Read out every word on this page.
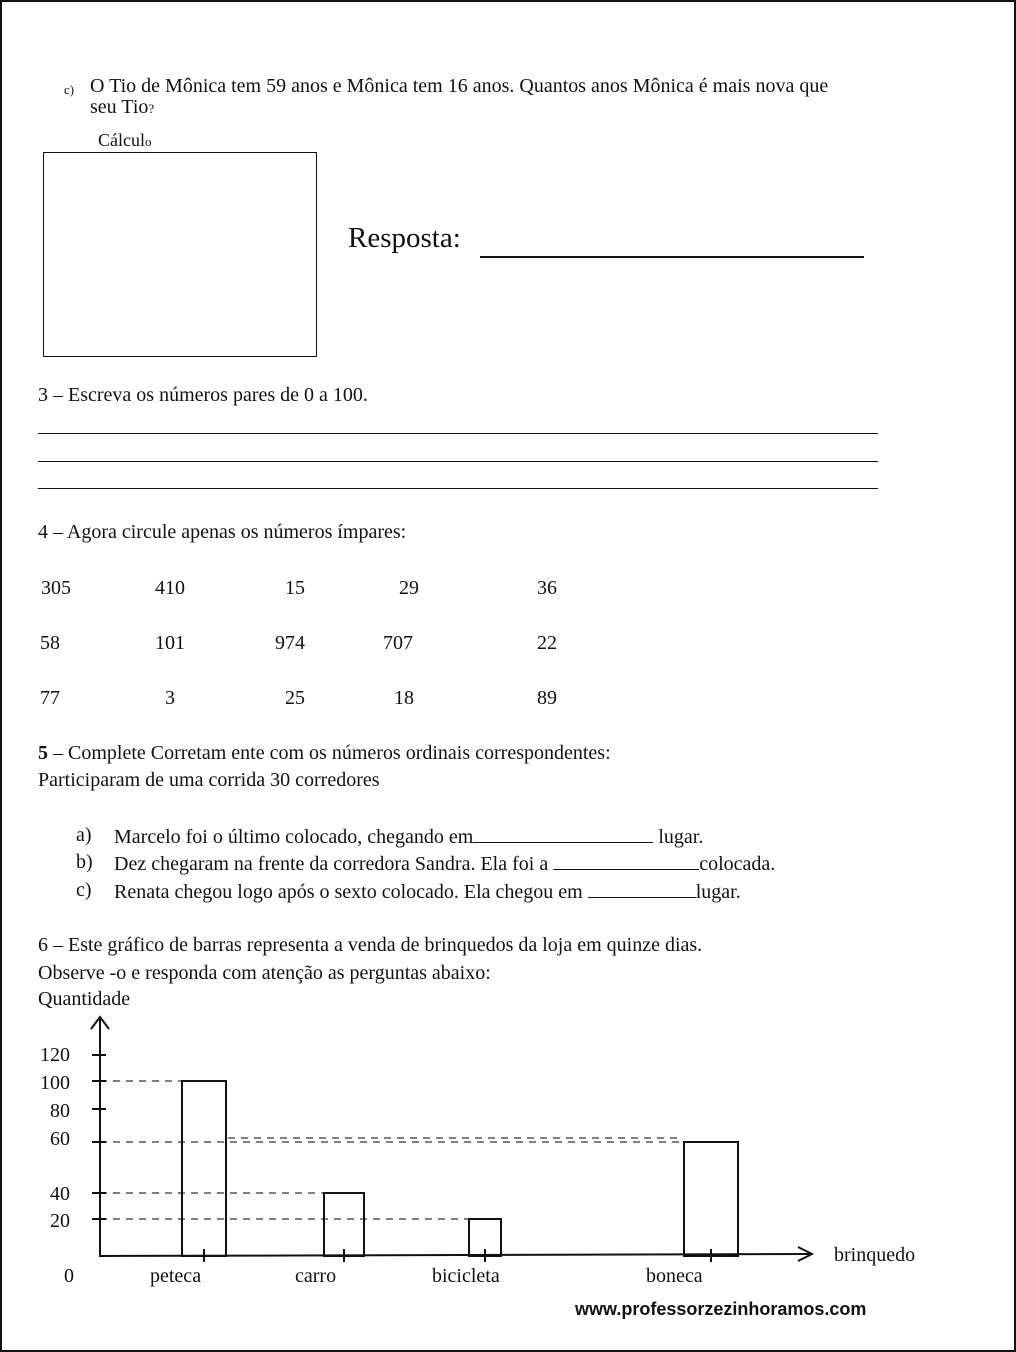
c) O Tio de Mônica tem 59 anos e Mônica tem 16 anos. Quantos anos Mônica é mais nova que
seu Tio?
Cálculo
Resposta:
3 – Escreva os números pares de 0 a 100.
4 – Agora circule apenas os números ímpares:
305	410	15	29	36
58	101	974	707	22
77	3	25	18	89
5 – Complete Corretam ente com os números ordinais correspondentes:
Participaram de uma corrida 30 corredores
a) Marcelo foi o último colocado, chegando em	lugar.
b) Dez chegaram na frente da corredora Sandra. Ela foi a	colocada.
c) Renata chegou logo após o sexto colocado. Ela chegou em	lugar.
6 – Este gráfico de barras representa a venda de brinquedos da loja em quinze dias.
Observe -o e responda com atenção as perguntas abaixo:
Quantidade
peteca	carro	bicicleta	boneca
0
20
40
60
80
100
120
brinquedo
www.professorzezinhoramos.com
